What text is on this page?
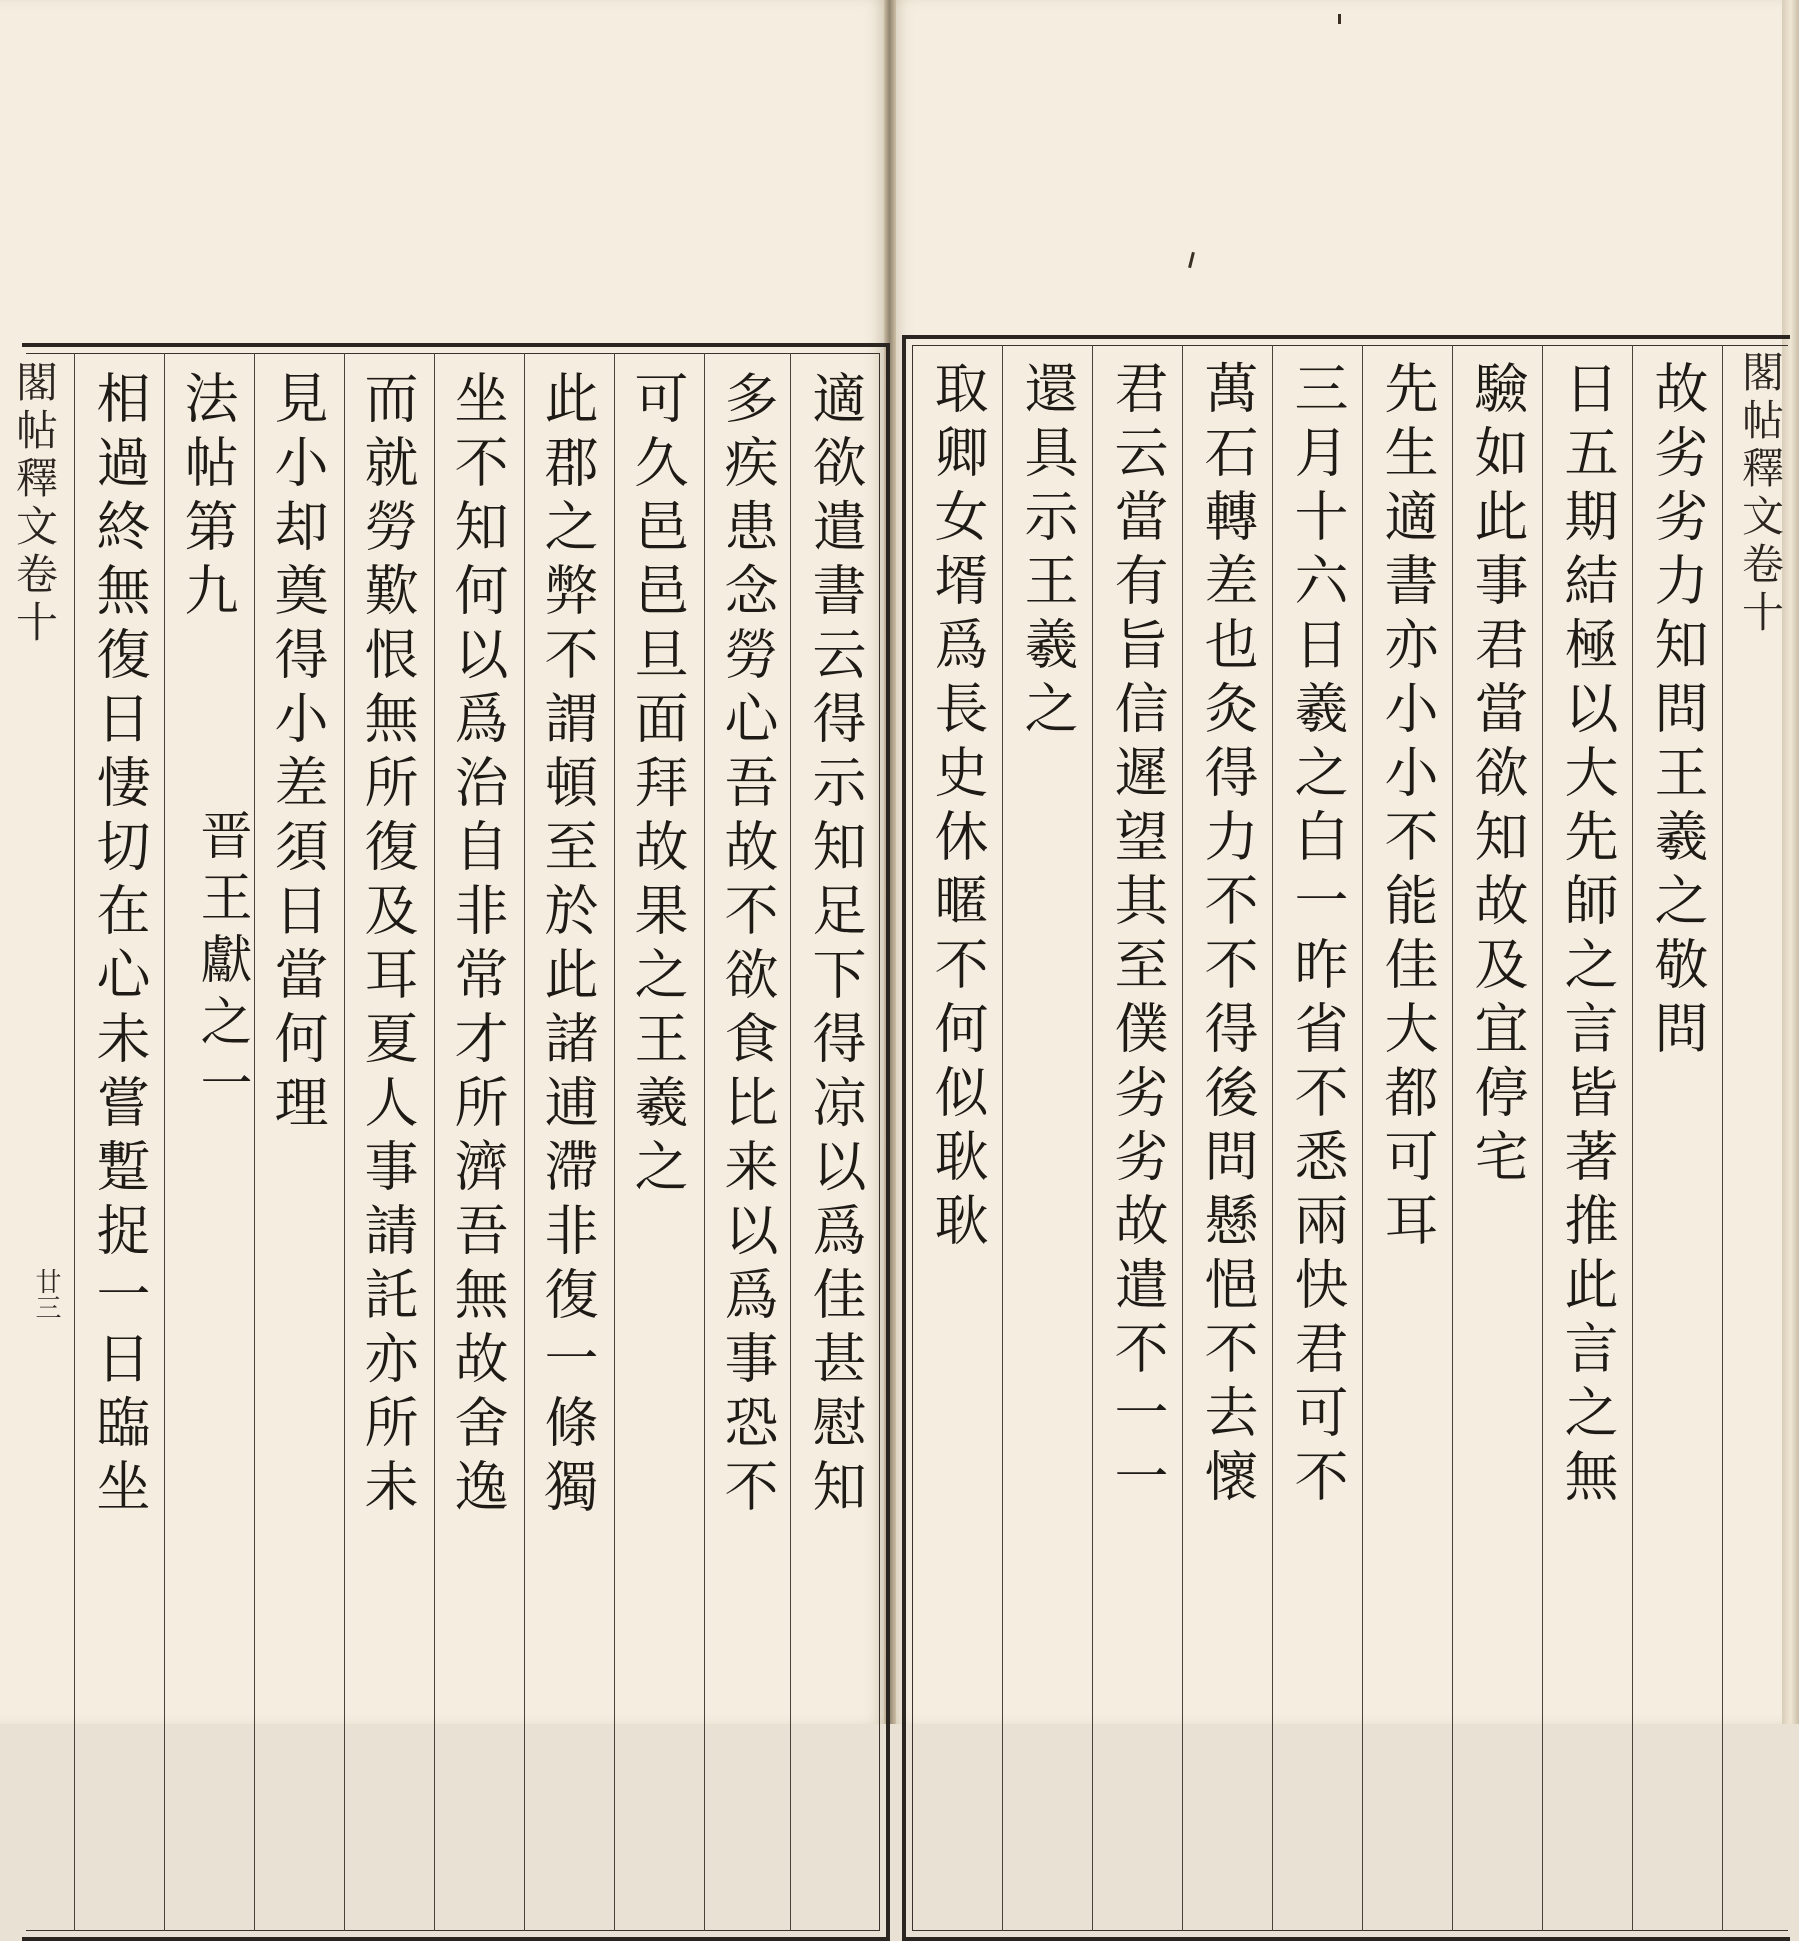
閣帖釋文卷十	閣帖釋文卷十
廿三	適欲遣書云得示知足下得凉以爲佳甚慰知
多疾患念勞心吾故不欲食比来以爲事恐不
可久邑邑旦面拜故果之王羲之
此郡之弊不謂頓至於此諸逋滯非復一條獨
坐不知何以爲治自非常才所濟吾無故舍逸
而就勞歎恨無所復及耳夏人事請託亦所未
見小却奠得小差須日當何理
法帖第九
晋王獻之一
相過終無復日悽切在心未嘗蹔捉一日臨坐	故劣劣力知問王羲之敬問
日五期結極以大先師之言皆著推此言之無
驗如此事君當欲知故及宜停宅
先生適書亦小小不能佳大都可耳
三月十六日羲之白一昨省不悉兩快君可不
萬石轉差也灸得力不不得後問懸悒不去懷
君云當有旨信遲望其至僕劣劣故遣不一一
還具示王羲之
取卿女壻爲長史休暱不何似耿耿
